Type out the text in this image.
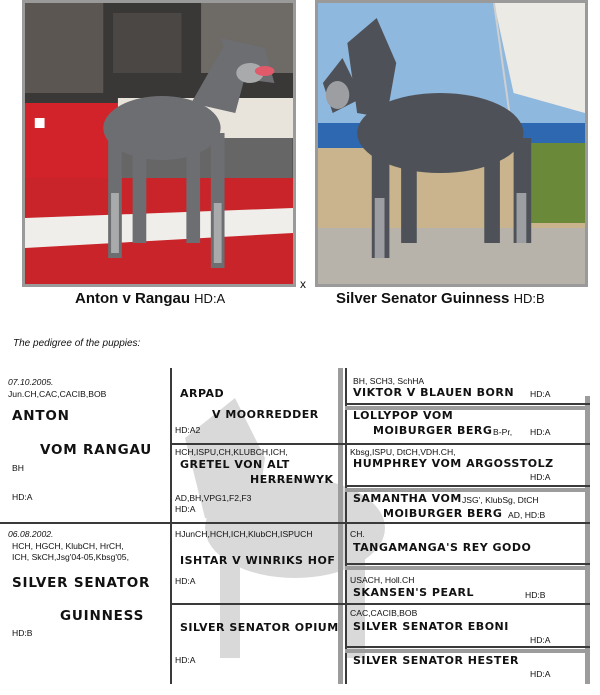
Anton v Rangau HD:A
x
Silver Senator Guinness HD:B
The pedigree of the puppies:
07.10.2005.
Jun.CH,CAC,CACIB,BOB
ANTON
VOM RANGAU
BH
HD:A
ARPAD
V MOORREDDER
HD:A2
HCH,ISPU,CH,KLUBCH,ICH,
GRETEL VON ALT
HERRENWYK
AD,BH,VPG1,F2,F3
HD:A
BH, SCH3, SchHA
VIKTOR V BLAUEN BORN HD:A
LOLLYPOP VOM
MOIBURGER BERG B-Pr, HD:A
Kbsg,ISPU, DtCH,VDH.CH,
HUMPHREY VOM ARGOSSTOLZ
HD:A
SAMANTHA VOM JSG', KlubSg, DtCH
MOIBURGER BERG AD, HD:B
06.08.2002.
HCH, HGCH, KlubCH, HrCH,
ICH, SkCH,Jsg'04-05,Kbsg'05,
SILVER SENATOR
GUINNESS
HD:B
HJunCH,HCH,ICH,KlubCH,ISPUCH
ISHTAR V WINRIKS HOF
HD:A
SILVER SENATOR OPIUM
HD:A
CH.
TANGAMANGA'S REY GODO
USACH, Holl.CH
SKANSEN'S PEARL	HD:B
CAC,CACIB,BOB
SILVER SENATOR EBONI
HD:A
SILVER SENATOR HESTER
HD:A
